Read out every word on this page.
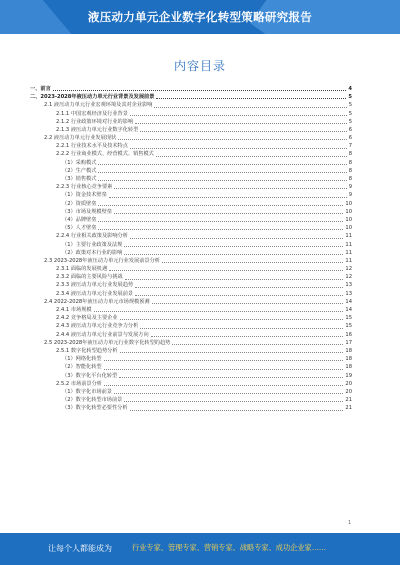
液压动力单元企业数字化转型策略研究报告
内容目录
一、前言	4
二、2023-2028年液压动力单元行业背景及发展前景	5
2.1 液压动力单元行业宏观环境及其对企业影响	5
2.1.1 中国宏观经济及行业背景	5
2.1.2 行业政策环境对行业的影响	5
2.1.3 液压动力单元行业数字化转型	6
2.2 液压动力单元行业发展现状	6
2.2.1 行业技术水平及技术特点	7
2.2.2 行业商业模式、经营模式、销售模式	8
（1）采购模式	8
（2）生产模式	8
（3）销售模式	8
2.2.3 行业核心竞争要素	9
（1）资金技术壁垒	9
（2）资质壁垒	10
（3）市场及规模壁垒	10
（4）品牌壁垒	10
（5）人才壁垒	10
2.2.4 行业相关政策及影响分析	11
（1）主要行业政策及法规	11
（2）政策对本行业的影响	11
2.3 2023-2028年液压动力单元行业发展前景分析	11
2.3.1 面临的发展机遇	12
2.3.2 面临的主要风险与挑战	12
2.3.3 液压动力单元行业发展趋势	13
2.3.4 液压动力单元行业发展前景	13
2.4 2022-2028年液压动力单元市场规模预测	14
2.4.1 市场规模	14
2.4.2 竞争格局及主要企业	15
2.4.3 液压动力单元行业竞争力分析	15
2.4.4 液压动力单元行业前景与发展方向	16
2.5 2023-2028年液压动力单元行业数字化转型的趋势	17
2.5.1 数字化转型趋势分析	18
（1）网络化转型	18
（2）智能化转型	18
（3）数字化平台化转型	19
2.5.2 市场前景分析	20
（1）数字化市场前景	20
（2）数字化转型市场前景	21
（3）数字化转型必要性分析	21
1
让每个人都能成为	行业专家、管理专家、营销专家、战略专家、成功企业家……
